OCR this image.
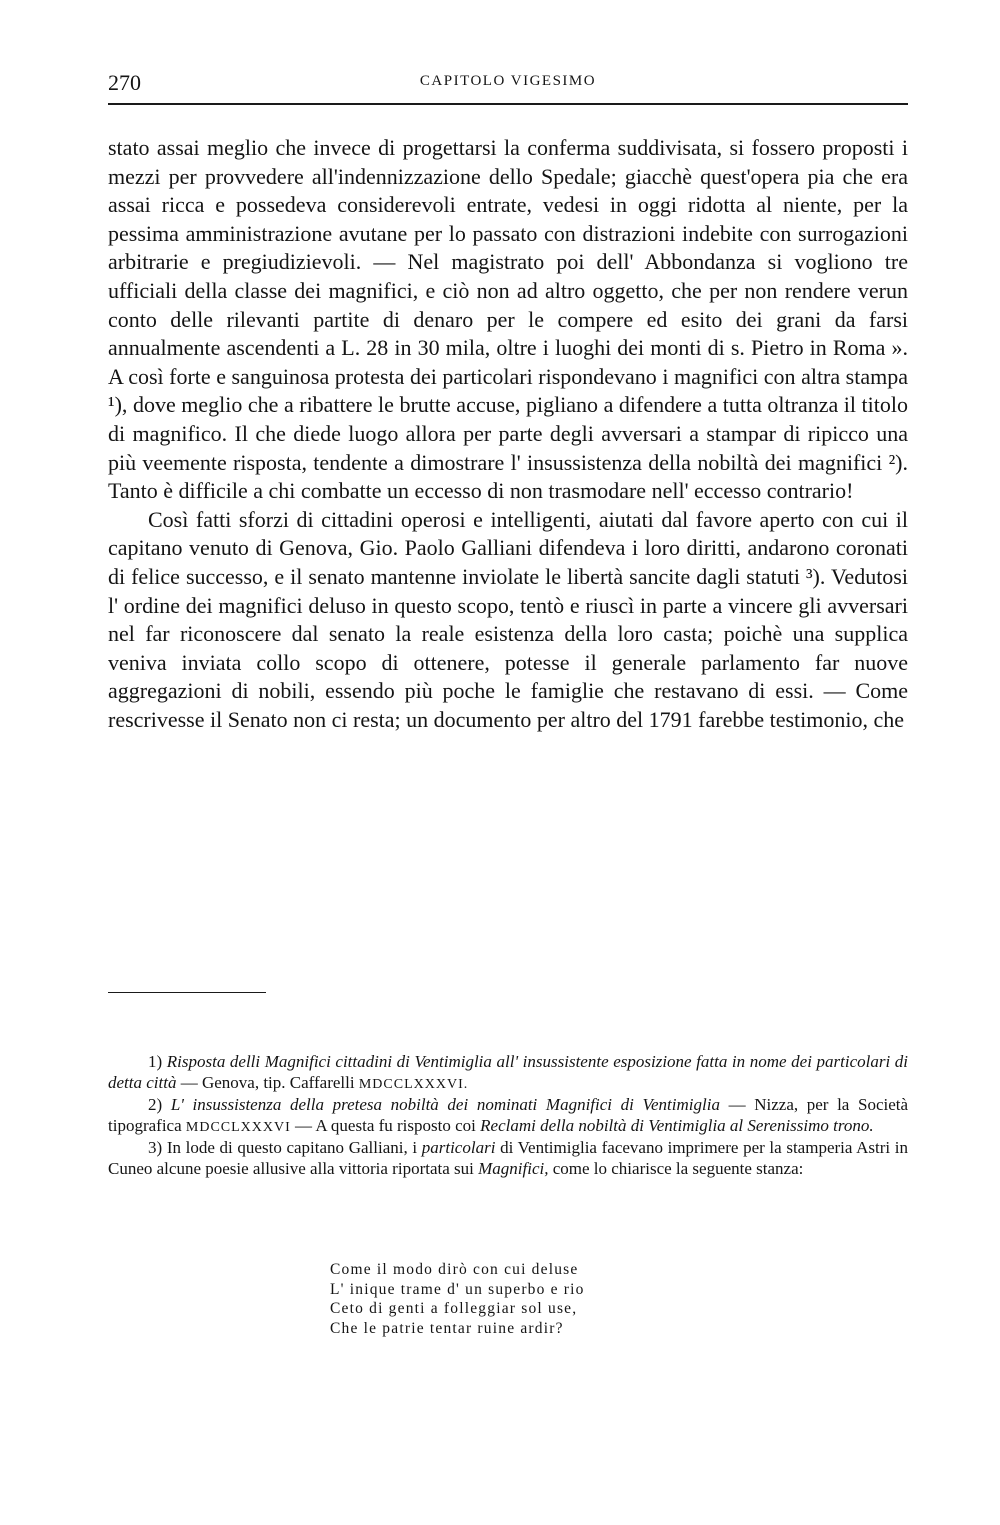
270	CAPITOLO VIGESIMO

stato assai meglio che invece di progettarsi la conferma suddivisata, si fossero proposti i mezzi per provvedere all'indennizzazione dello Spedale; giacchè quest'opera pia che era assai ricca e possedeva considerevoli entrate, vedesi in oggi ridotta al niente, per la pessima amministrazione avutane per lo passato con distrazioni indebite con surrogazioni arbitrarie e pregiudizievoli. — Nel magistrato poi dell' Abbondanza si vogliono tre ufficiali della classe dei magnifici, e ciò non ad altro oggetto, che per non rendere verun conto delle rilevanti partite di denaro per le compere ed esito dei grani da farsi annualmente ascendenti a L. 28 in 30 mila, oltre i luoghi dei monti di s. Pietro in Roma ». A così forte e sanguinosa protesta dei particolari rispondevano i magnifici con altra stampa ¹), dove meglio che a ribattere le brutte accuse, pigliano a difendere a tutta oltranza il titolo di magnifico. Il che diede luogo allora per parte degli avversari a stampar di ripicco una più veemente risposta, tendente a dimostrare l' insussistenza della nobiltà dei magnifici ²). Tanto è difficile a chi combatte un eccesso di non trasmodare nell' eccesso contrario!

Così fatti sforzi di cittadini operosi e intelligenti, aiutati dal favore aperto con cui il capitano venuto di Genova, Gio. Paolo Galliani difendeva i loro diritti, andarono coronati di felice successo, e il senato mantenne inviolate le libertà sancite dagli statuti ³). Vedutosi l' ordine dei magnifici deluso in questo scopo, tentò e riuscì in parte a vincere gli avversari nel far riconoscere dal senato la reale esistenza della loro casta; poichè una supplica veniva inviata collo scopo di ottenere, potesse il generale parlamento far nuove aggregazioni di nobili, essendo più poche le famiglie che restavano di essi. — Come rescrivesse il Senato non ci resta; un documento per altro del 1791 farebbe testimonio, che

1) Risposta delli Magnifici cittadini di Ventimiglia all' insussistente esposizione fatta in nome dei particolari di detta città — Genova, tip. Caffarelli MDCCLXXXVI.

2) L' insussistenza della pretesa nobiltà dei nominati Magnifici di Ventimiglia — Nizza, per la Società tipografica MDCCLXXXVI — A questa fu risposto coi Reclami della nobiltà di Ventimiglia al Serenissimo trono.

3) In lode di questo capitano Galliani, i particolari di Ventimiglia facevano imprimere per la stamperia Astri in Cuneo alcune poesie allusive alla vittoria riportata sui Magnifici, come lo chiarisce la seguente stanza:

Come il modo dirò con cui deluse
L' inique trame d' un superbo e rio
Ceto di genti a folleggiar sol use,
Che le patrie tentar ruine ardir?
